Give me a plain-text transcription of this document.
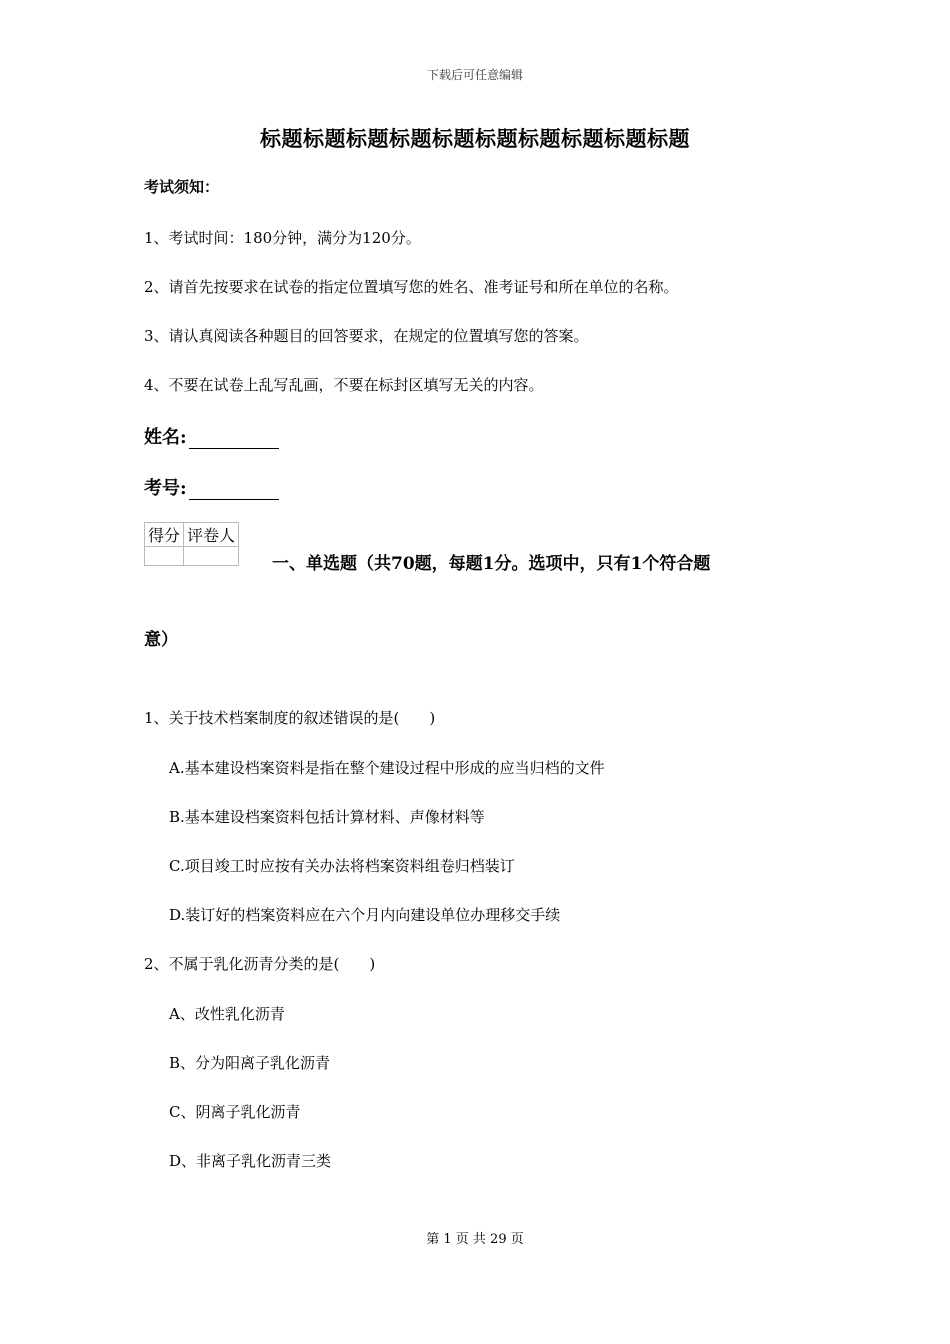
下载后可任意编辑
标题标题标题标题标题标题标题标题标题标题
考试须知：
1、考试时间：180分钟，满分为120分。
2、请首先按要求在试卷的指定位置填写您的姓名、准考证号和所在单位的名称。
3、请认真阅读各种题目的回答要求，在规定的位置填写您的答案。
4、不要在试卷上乱写乱画，不要在标封区填写无关的内容。
姓名:
考号:
得分	评卷人

一、单选题（共70题，每题1分。选项中，只有1个符合题
意）
1、关于技术档案制度的叙述错误的是(　　)
A.基本建设档案资料是指在整个建设过程中形成的应当归档的文件
B.基本建设档案资料包括计算材料、声像材料等
C.项目竣工时应按有关办法将档案资料组卷归档装订
D.装订好的档案资料应在六个月内向建设单位办理移交手续
2、不属于乳化沥青分类的是(　　)
A、改性乳化沥青
B、分为阳离子乳化沥青
C、阴离子乳化沥青
D、非离子乳化沥青三类
第 1 页 共 29 页
